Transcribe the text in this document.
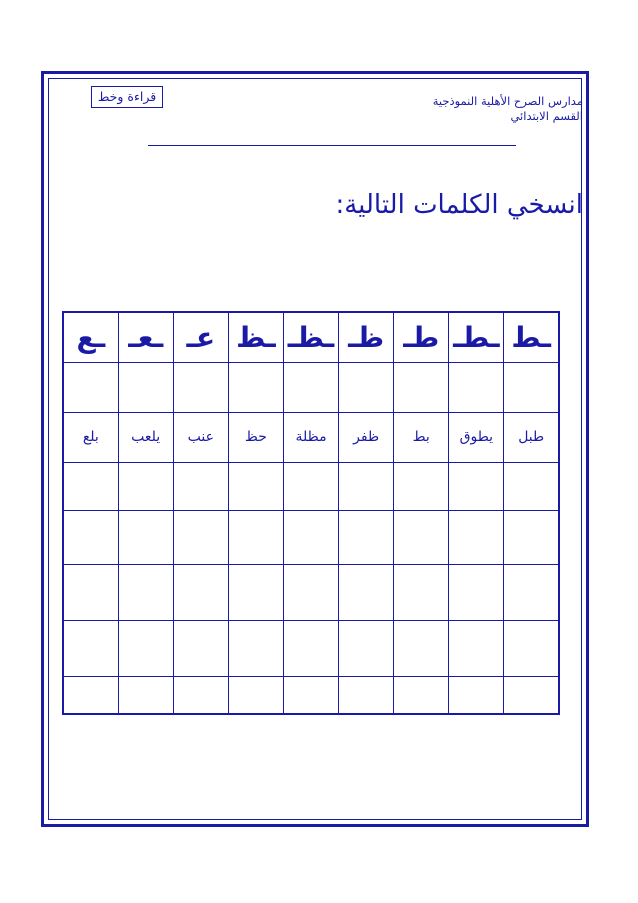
مدارس الصرح الأهلية النموذجية
القسم الابتدائي
قراءة وخط
انسخي الكلمات التالية:
ـط	ـطـ	طـ	ظـ	ـظـ	ـظ	عـ	ـعـ	ـع

طبل	يطوق	بط	ظفر	مظلة	حظ	عنب	يلعب	بلع
